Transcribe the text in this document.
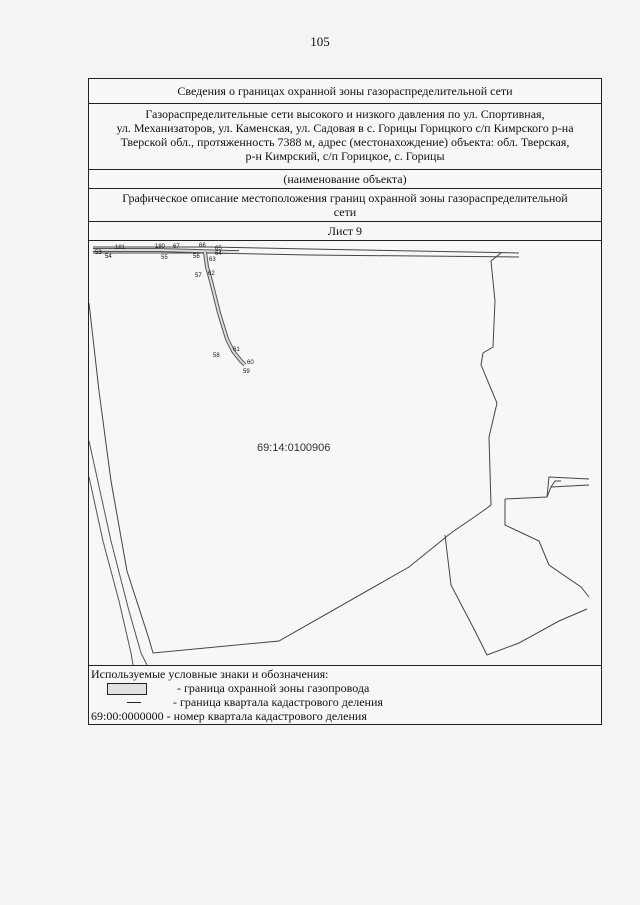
105
Сведения о границах охранной зоны газораспределительной сети
Газораспределительные сети высокого и низкого давления по ул. Спортивная,
ул. Механизаторов, ул. Каменская, ул. Садовая в с. Горицы Горицкого с/п Кимрского р-на
Тверской обл., протяженность 7388 м, адрес (местонахождение) объекта: обл. Тверская,
р-н Кимрский, с/п Горицкое, с. Горицы
(наименование объекта)
Графическое описание местоположения границ охранной зоны газораспределительной
сети
Лист 9
181	180	66
67	65
64
63
56
55
54
53
57 62
61
58
60
59
69:14:0100906
Используемые условные знаки и обозначения:
- граница охранной зоны газопровода
- граница квартала кадастрового деления
69:00:0000000 - номер квартала кадастрового деления
